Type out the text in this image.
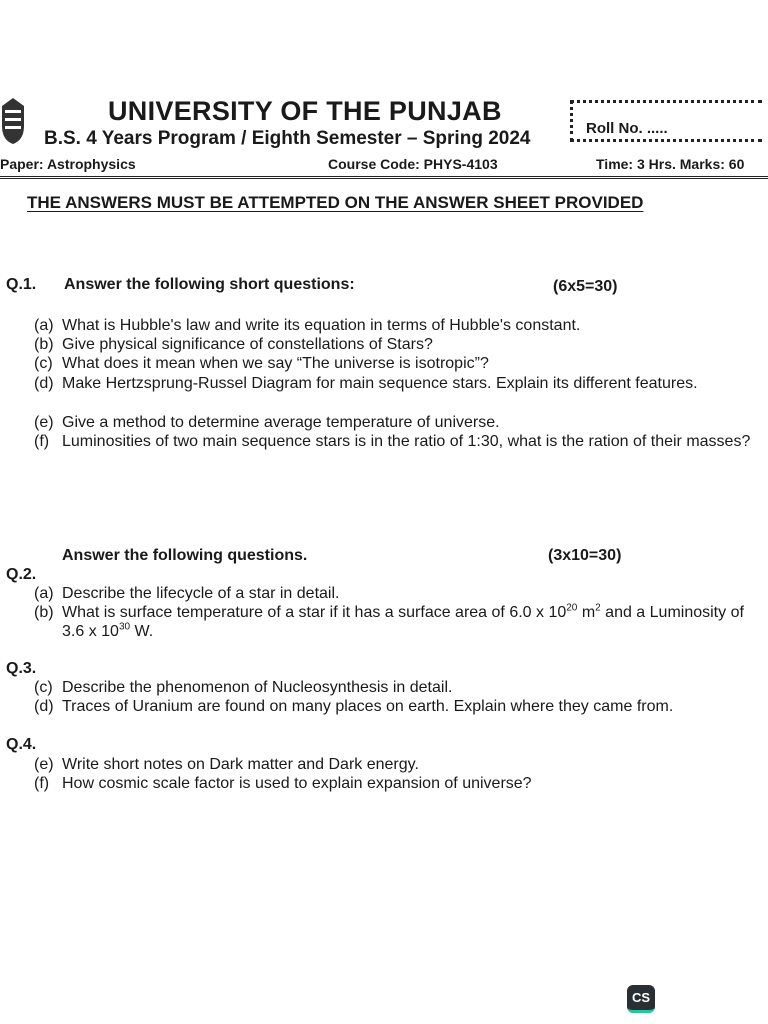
UNIVERSITY OF THE PUNJAB
B.S. 4 Years Program / Eighth Semester – Spring 2024	Roll No. .....
Paper: Astrophysics	Course Code: PHYS-4103	Time: 3 Hrs. Marks: 60
THE ANSWERS MUST BE ATTEMPTED ON THE ANSWER SHEET PROVIDED
Q.1. Answer the following short questions:	(6x5=30)
(a) What is Hubble's law and write its equation in terms of Hubble's constant.
(b) Give physical significance of constellations of Stars?
(c) What does it mean when we say “The universe is isotropic”?
(d) Make Hertzsprung-Russel Diagram for main sequence stars. Explain its different features.
(e) Give a method to determine average temperature of universe.
(f) Luminosities of two main sequence stars is in the ratio of 1:30, what is the ration of their masses?
Answer the following questions.	(3x10=30)
Q.2.
(a) Describe the lifecycle of a star in detail.
(b) What is surface temperature of a star if it has a surface area of 6.0 x $10^{20}$ $m^2$ and a Luminosity of 3.6 x $10^{30}$ W.
Q.3.
(c) Describe the phenomenon of Nucleosynthesis in detail.
(d) Traces of Uranium are found on many places on earth. Explain where they came from.
Q.4.
(e) Write short notes on Dark matter and Dark energy.
(f) How cosmic scale factor is used to explain expansion of universe?
CS
